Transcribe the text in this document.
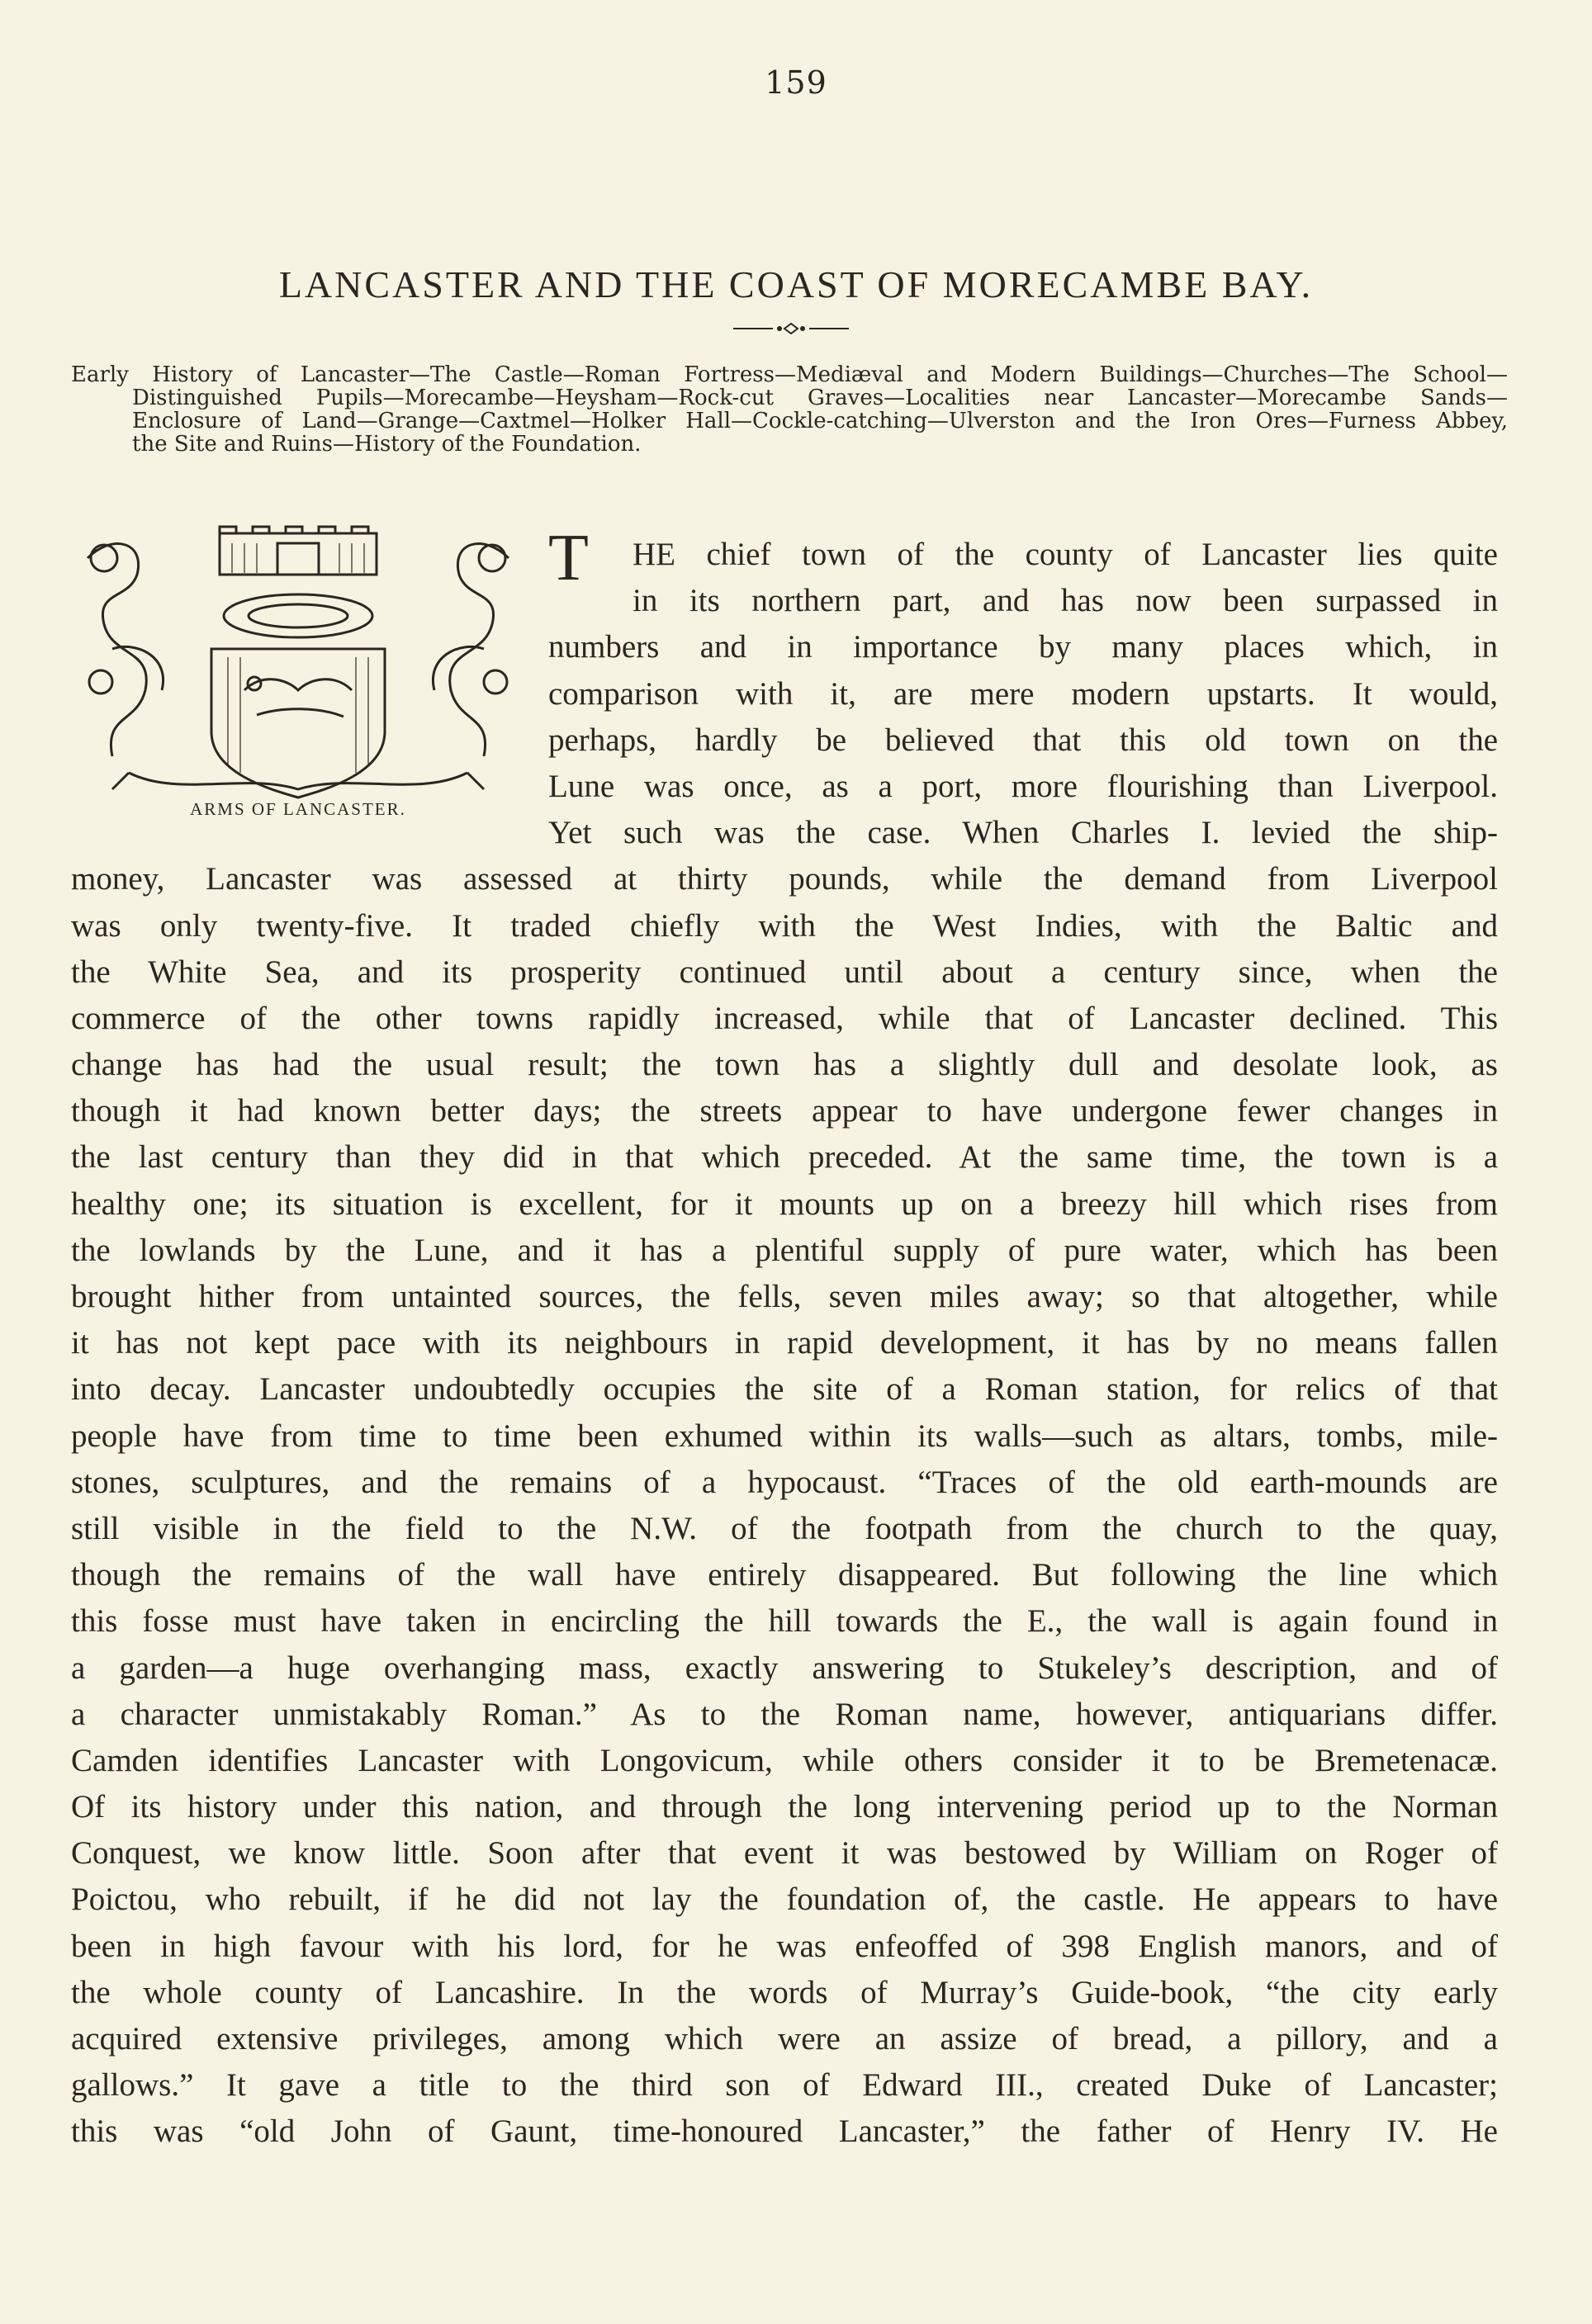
159
LANCASTER AND THE COAST OF MORECAMBE BAY.
Early History of Lancaster—The Castle—Roman Fortress—Mediæval and Modern Buildings—Churches—The School—
Distinguished Pupils—Morecambe—Heysham—Rock-cut Graves—Localities near Lancaster—Morecambe Sands—
Enclosure of Land—Grange—Caxtmel—Holker Hall—Cockle-catching—Ulverston and the Iron Ores—Furness Abbey,
the Site and Ruins—History of the Foundation.
ARMS OF LANCASTER.
T HE chief town of the county of Lancaster lies quite
in its northern part, and has now been surpassed in
numbers and in importance by many places which, in
comparison with it, are mere modern upstarts. It would,
perhaps, hardly be believed that this old town on the
Lune was once, as a port, more flourishing than Liverpool.
Yet such was the case. When Charles I. levied the ship-
money, Lancaster was assessed at thirty pounds, while the demand from Liverpool
was only twenty-five. It traded chiefly with the West Indies, with the Baltic and
the White Sea, and its prosperity continued until about a century since, when the
commerce of the other towns rapidly increased, while that of Lancaster declined. This
change has had the usual result; the town has a slightly dull and desolate look, as
though it had known better days; the streets appear to have undergone fewer changes in
the last century than they did in that which preceded. At the same time, the town is a
healthy one; its situation is excellent, for it mounts up on a breezy hill which rises from
the lowlands by the Lune, and it has a plentiful supply of pure water, which has been
brought hither from untainted sources, the fells, seven miles away; so that altogether, while
it has not kept pace with its neighbours in rapid development, it has by no means fallen
into decay. Lancaster undoubtedly occupies the site of a Roman station, for relics of that
people have from time to time been exhumed within its walls—such as altars, tombs, mile-
stones, sculptures, and the remains of a hypocaust. “Traces of the old earth-mounds are
still visible in the field to the N.W. of the footpath from the church to the quay,
though the remains of the wall have entirely disappeared. But following the line which
this fosse must have taken in encircling the hill towards the E., the wall is again found in
a garden—a huge overhanging mass, exactly answering to Stukeley’s description, and of
a character unmistakably Roman.” As to the Roman name, however, antiquarians differ.
Camden identifies Lancaster with Longovicum, while others consider it to be Bremetenacæ.
Of its history under this nation, and through the long intervening period up to the Norman
Conquest, we know little. Soon after that event it was bestowed by William on Roger of
Poictou, who rebuilt, if he did not lay the foundation of, the castle. He appears to have
been in high favour with his lord, for he was enfeoffed of 398 English manors, and of
the whole county of Lancashire. In the words of Murray’s Guide-book, “the city early
acquired extensive privileges, among which were an assize of bread, a pillory, and a
gallows.” It gave a title to the third son of Edward III., created Duke of Lancaster;
this was “old John of Gaunt, time-honoured Lancaster,” the father of Henry IV. He
